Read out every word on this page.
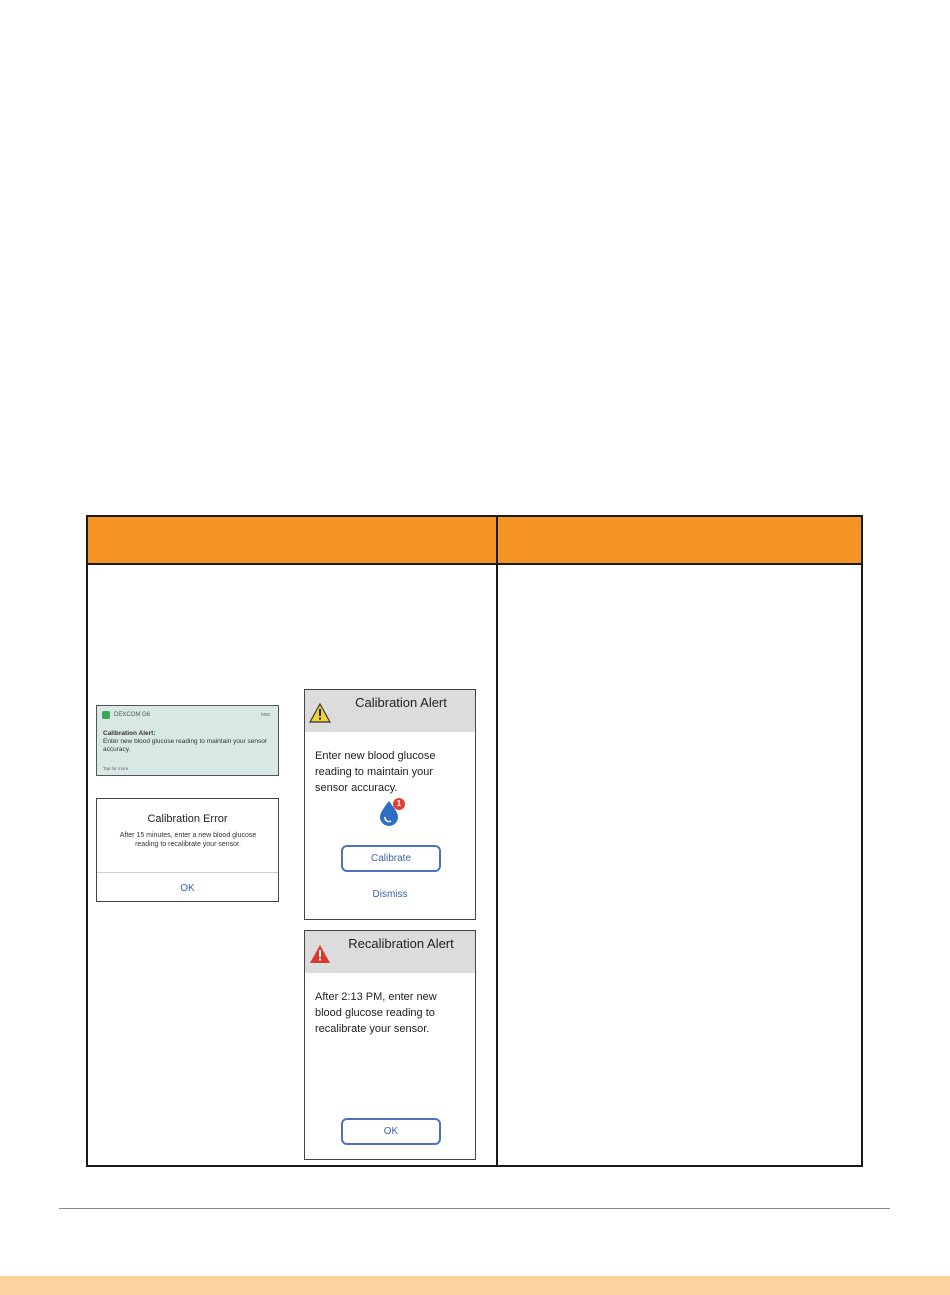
DEXCOM G6	now
Calibration Alert:
Enter new blood glucose reading to maintain your sensor accuracy.
Tap for more
Calibration Error
After 15 minutes, enter a new blood glucose reading to recalibrate your sensor.
OK
Calibration Alert
Enter new blood glucose reading to maintain your sensor accuracy.
1
Calibrate
Dismiss
Recalibration Alert
After 2:13 PM, enter new blood glucose reading to recalibrate your sensor.
OK
